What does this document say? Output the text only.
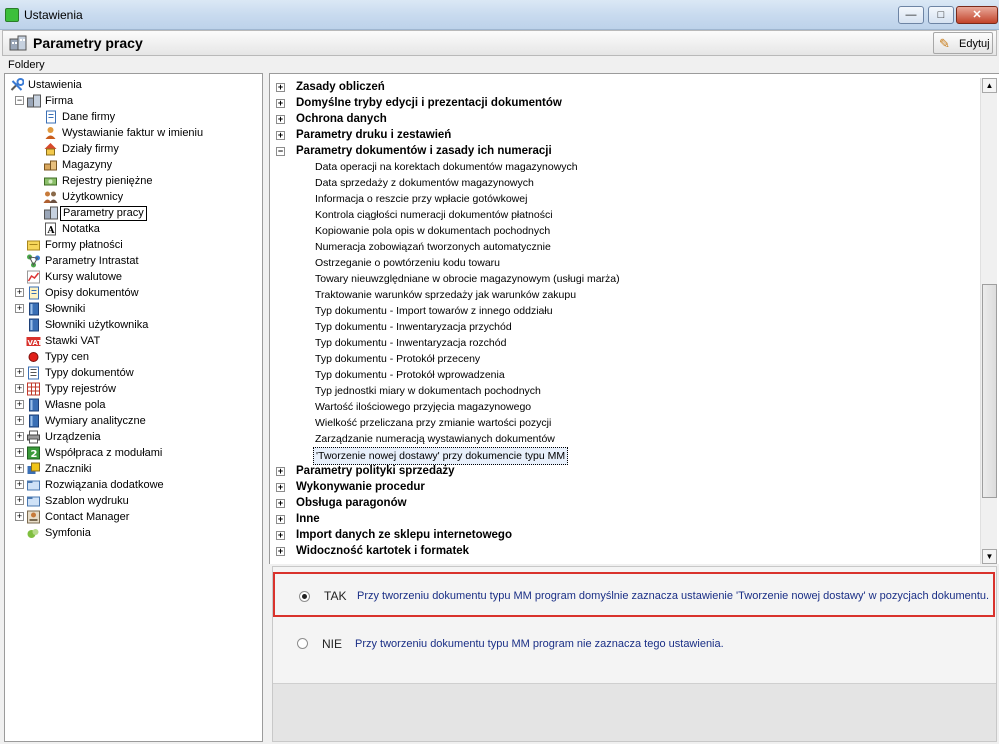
Ustawienia	—	□	✕
Parametry pracy	✎ Edytuj
Foldery
Ustawienia
− Firma
Dane firmy
Wystawianie faktur w imieniu
Działy firmy
Magazyny
Rejestry pieniężne
Użytkownicy
Parametry pracy
A Notatka
Formy płatności
Parametry Intrastat
Kursy walutowe
+ Opisy dokumentów
+ Słowniki
Słowniki użytkownika
VAT Stawki VAT
Typy cen
+ Typy dokumentów
+ Typy rejestrów
+ Własne pola
+ Wymiary analityczne
+ Urządzenia
+ 2 Współpraca z modułami
+ Znaczniki
+ Rozwiązania dodatkowe
+ Szablon wydruku
+ Contact Manager
Symfonia
▲
▼
+ Zasady obliczeń
+ Domyślne tryby edycji i prezentacji dokumentów
+ Ochrona danych
+ Parametry druku i zestawień
− Parametry dokumentów i zasady ich numeracji
Data operacji na korektach dokumentów magazynowych
Data sprzedaży z dokumentów magazynowych
Informacja o reszcie przy wpłacie gotówkowej
Kontrola ciągłości numeracji dokumentów płatności
Kopiowanie pola opis w dokumentach pochodnych
Numeracja zobowiązań tworzonych automatycznie
Ostrzeganie o powtórzeniu kodu towaru
Towary nieuwzględniane w obrocie magazynowym (usługi marża)
Traktowanie warunków sprzedaży jak warunków zakupu
Typ dokumentu - Import towarów z innego oddziału
Typ dokumentu - Inwentaryzacja przychód
Typ dokumentu - Inwentaryzacja rozchód
Typ dokumentu - Protokół przeceny
Typ dokumentu - Protokół wprowadzenia
Typ jednostki miary w dokumentach pochodnych
Wartość ilościowego przyjęcia magazynowego
Wielkość przeliczana przy zmianie wartości pozycji
Zarządzanie numeracją wystawianych dokumentów
'Tworzenie nowej dostawy' przy dokumencie typu MM
+ Parametry polityki sprzedaży
+ Wykonywanie procedur
+ Obsługa paragonów
+ Inne
+ Import danych ze sklepu internetowego
+ Widoczność kartotek i formatek
TAK Przy tworzeniu dokumentu typu MM program domyślnie zaznacza ustawienie 'Tworzenie nowej dostawy' w pozycjach dokumentu.
NIE Przy tworzeniu dokumentu typu MM program nie zaznacza tego ustawienia.
